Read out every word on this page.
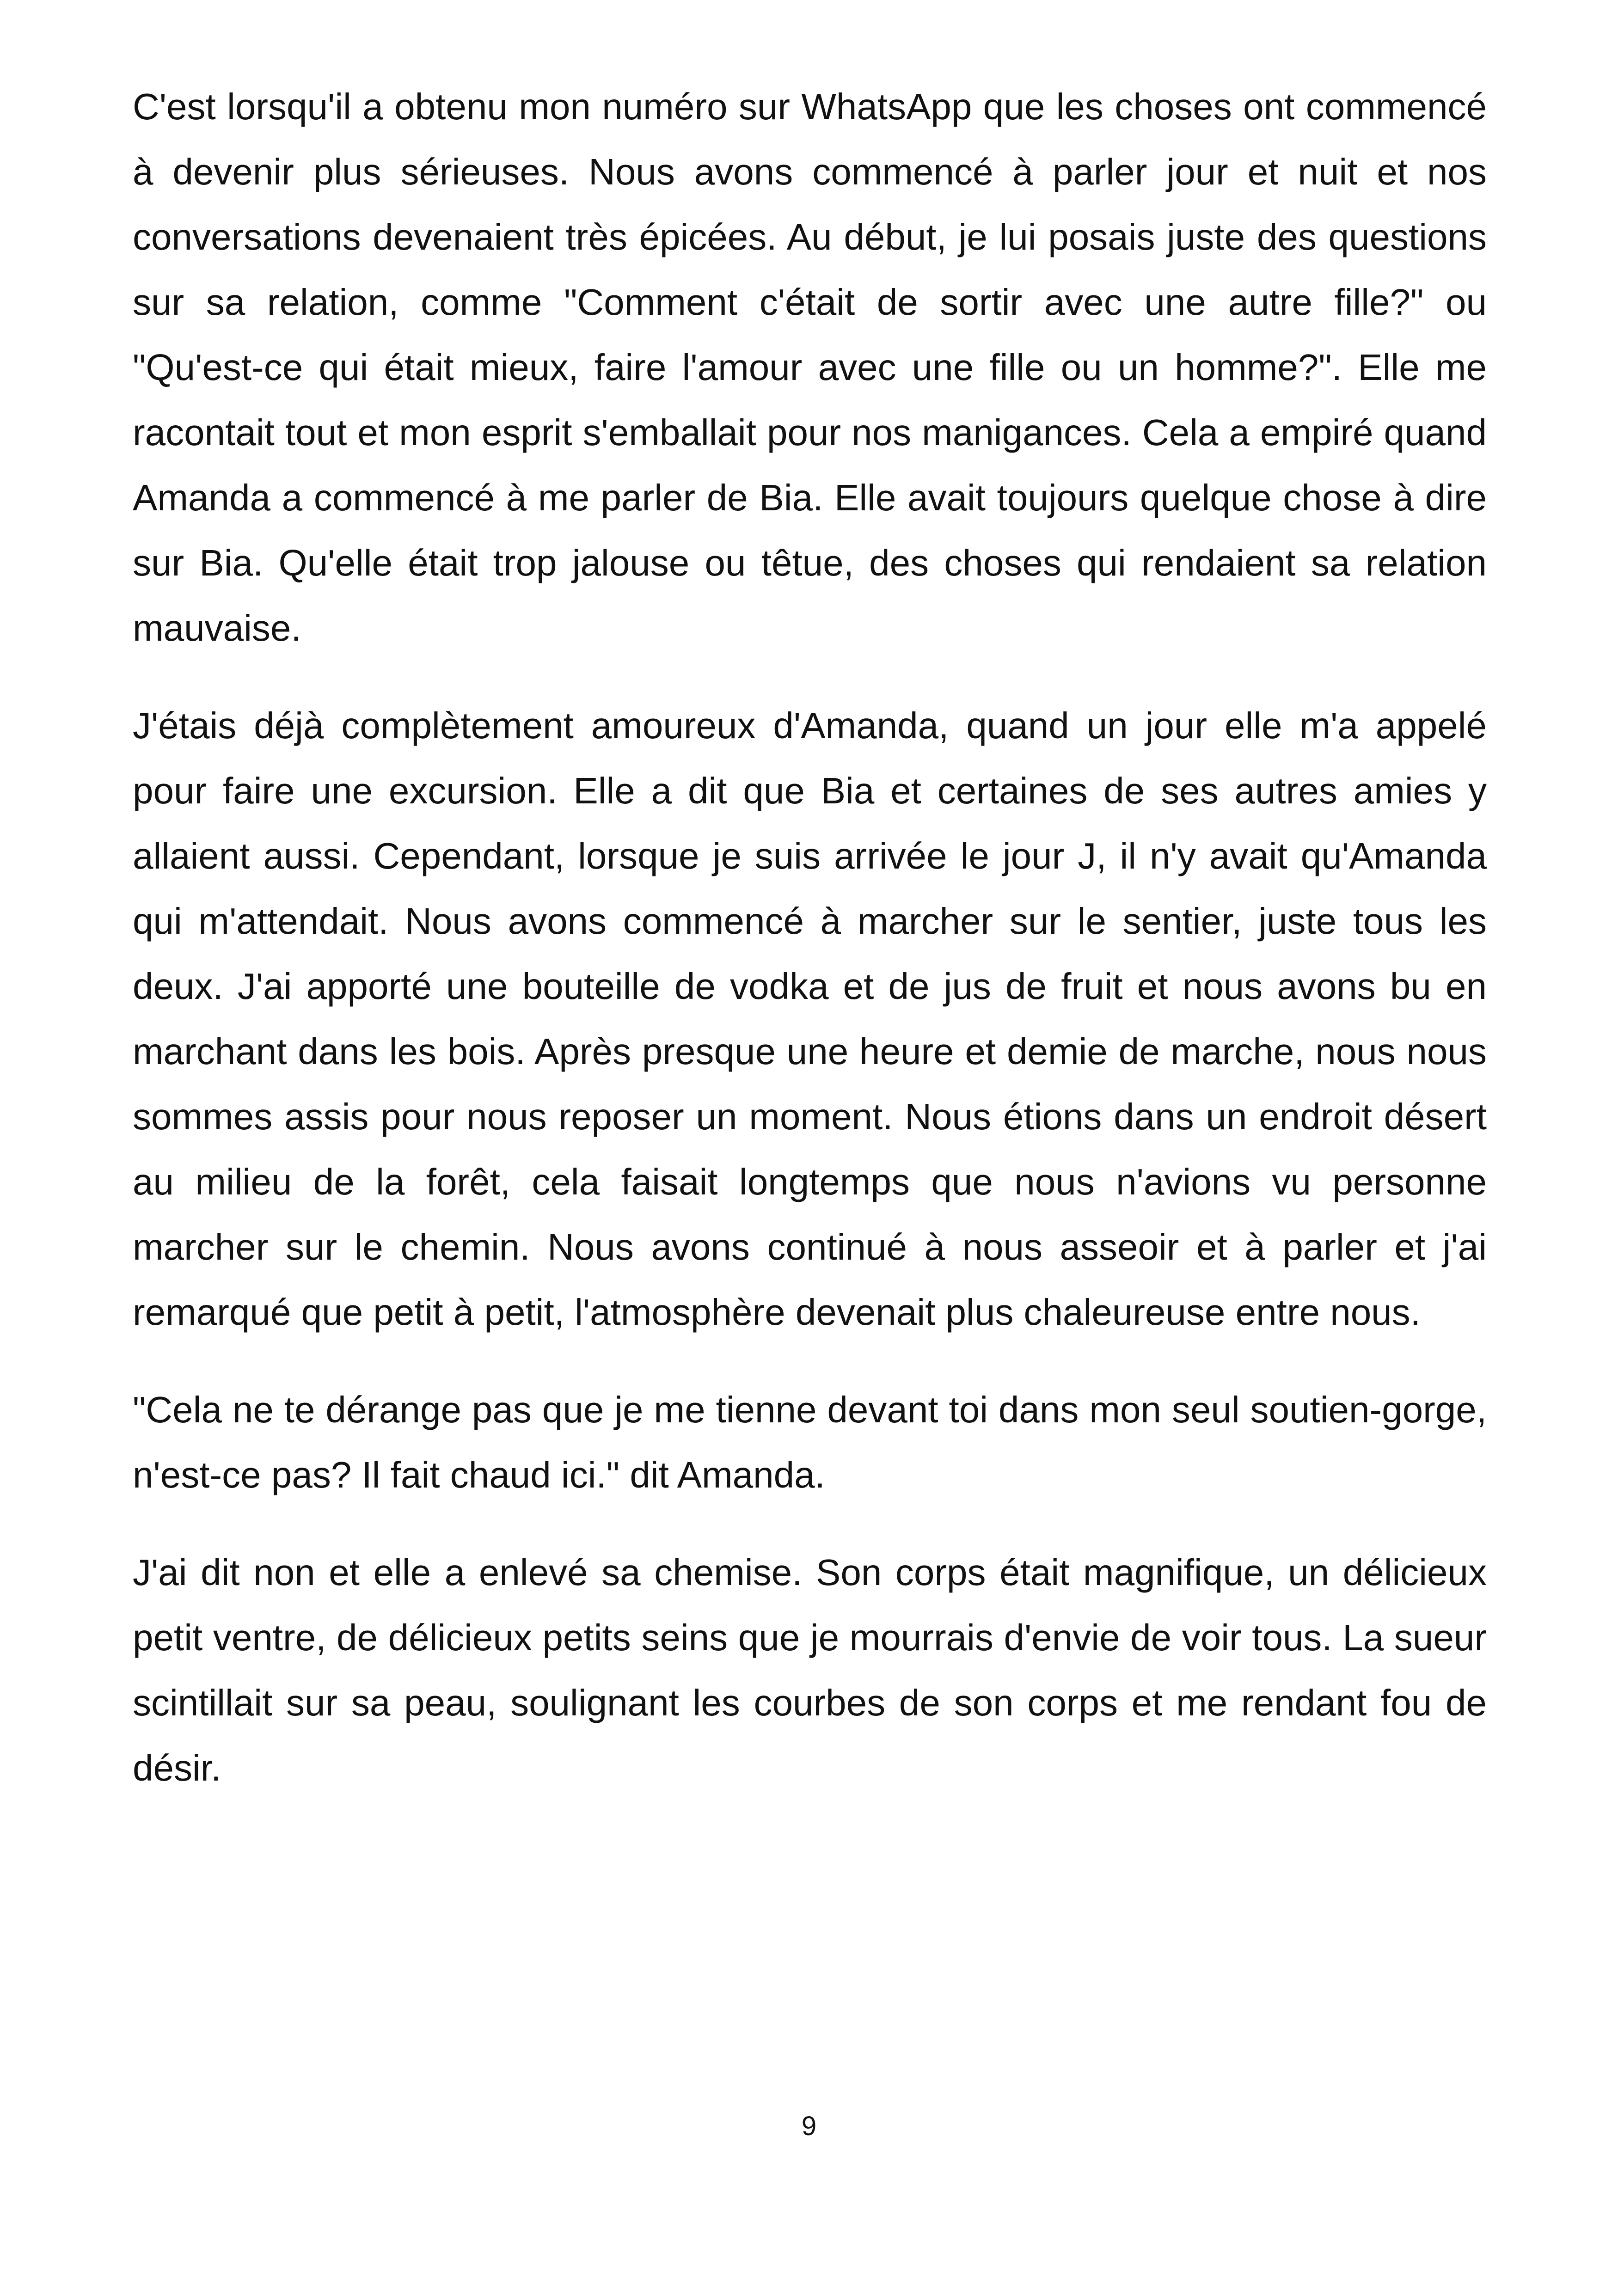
C'est lorsqu'il a obtenu mon numéro sur WhatsApp que les choses ont commencé à devenir plus sérieuses. Nous avons commencé à parler jour et nuit et nos conversations devenaient très épicées. Au début, je lui posais juste des questions sur sa relation, comme "Comment c'était de sortir avec une autre fille?" ou "Qu'est-ce qui était mieux, faire l'amour avec une fille ou un homme?". Elle me racontait tout et mon esprit s'emballait pour nos manigances. Cela a empiré quand Amanda a commencé à me parler de Bia. Elle avait toujours quelque chose à dire sur Bia. Qu'elle était trop jalouse ou têtue, des choses qui rendaient sa relation mauvaise.

J'étais déjà complètement amoureux d'Amanda, quand un jour elle m'a appelé pour faire une excursion. Elle a dit que Bia et certaines de ses autres amies y allaient aussi. Cependant, lorsque je suis arrivée le jour J, il n'y avait qu'Amanda qui m'attendait. Nous avons commencé à marcher sur le sentier, juste tous les deux. J'ai apporté une bouteille de vodka et de jus de fruit et nous avons bu en marchant dans les bois. Après presque une heure et demie de marche, nous nous sommes assis pour nous reposer un moment. Nous étions dans un endroit désert au milieu de la forêt, cela faisait longtemps que nous n'avions vu personne marcher sur le chemin. Nous avons continué à nous asseoir et à parler et j'ai remarqué que petit à petit, l'atmosphère devenait plus chaleureuse entre nous.

"Cela ne te dérange pas que je me tienne devant toi dans mon seul soutien-gorge, n'est-ce pas? Il fait chaud ici." dit Amanda.

J'ai dit non et elle a enlevé sa chemise. Son corps était magnifique, un délicieux petit ventre, de délicieux petits seins que je mourrais d'envie de voir tous. La sueur scintillait sur sa peau, soulignant les courbes de son corps et me rendant fou de désir.

9
